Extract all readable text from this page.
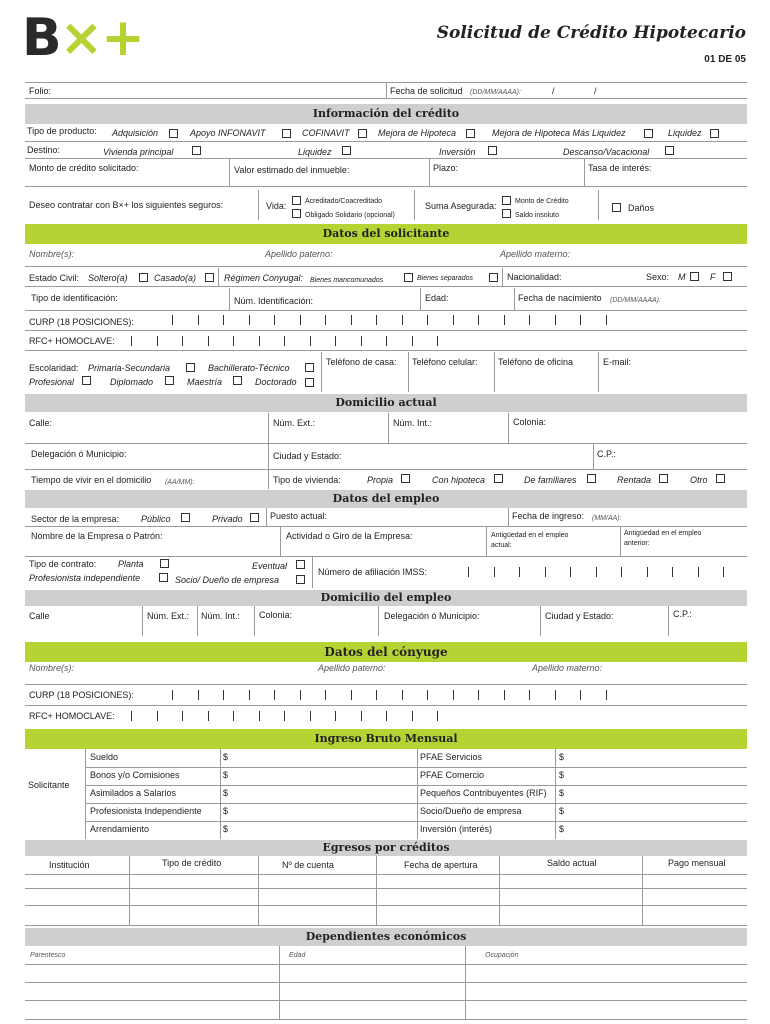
B×+	Solicitud de Crédito Hipotecario
01 DE 05
Folio:	Fecha de solicitud (DD/MM/AAAA):	/	/
Información del crédito
Tipo de producto: Adquisición	Apoyo INFONAVIT	COFINAVIT	Mejora de Hipoteca	Mejora de Hipoteca Más Liquidez	Liquidez
Destino:	Vivienda principal	Liquidez	Inversión	Descanso/Vacacional
Monto de crédito solicitado:	Valor estimado del inmueble:	Plazo:	Tasa de interés:
Deseo contratar con B×+ los siguientes seguros:	Vida:	Acreditado/Coacreditado
Obligado Solidario (opcional)
Suma Asegurada:	Monto de Crédito
Saldo insoluto
Daños
Datos del solicitante
Nombre(s):	Apellido paterno:	Apellido materno:
Estado Civil: Soltero(a)	Casado(a)	Régimen Conyugal: Bienes mancomunados	Bienes separados	Nacionalidad:	Sexo: M	F
Tipo de identificación:	Núm. Identificación:	Edad:	Fecha de nacimiento (DD/MM/AAAA):
CURP (18 POSICIONES):
RFC+ HOMOCLAVE:
Escolaridad: Primaria-Secundaria	Bachillerato-Técnico
Profesional	Diplomado	Maestría	Doctorado
Teléfono de casa: Teléfono celular: Teléfono de oficina	E-mail:
Domicilio actual
Calle:	Núm. Ext.:	Núm. Int.:	Colonia:
Delegación ó Municipio:	Ciudad y Estado:	C.P.:
Tiempo de vivir en el domicilio (AA/MM):	Tipo de vivienda:	Propia	Con hipoteca	De familiares	Rentada	Otro
Datos del empleo
Sector de la empresa: Público	Privado	Puesto actual:	Fecha de ingreso: (MM/AA):
Nombre de la Empresa o Patrón:	Actividad o Giro de la Empresa:	Antigüedad en el empleo
actual:
Antigüedad en el empleo
anterior:
Tipo de contrato: Planta	Eventual
Profesionista independiente	Socio/ Dueño de empresa
Número de afiliación IMSS:
Domicilio del empleo
Calle	Núm. Ext.: Núm. Int.: Colonia:	Delegación ó Municipio:	Ciudad y Estado:	C.P.:
Datos del cónyuge
Nombre(s):	Apellido paterno:	Apellido materno:
CURP (18 POSICIONES):
RFC+ HOMOCLAVE:
Ingreso Bruto Mensual
Solicitante
Sueldo	$	PFAE Servicios	$
Bonos y/o Comisiones	$	PFAE Comercio	$
Asimilados a Salarios	$	Pequeños Contribuyentes (RIF) $
Profesionista Independiente $	Socio/Dueño de empresa	$
Arrendamiento	$	Inversión (interés)	$
Egresos por créditos
Institución	Tipo de crédito	Nº de cuenta	Fecha de apertura	Saldo actual	Pago mensual
Dependientes económicos
Parentesco	Edad	Ocupación
